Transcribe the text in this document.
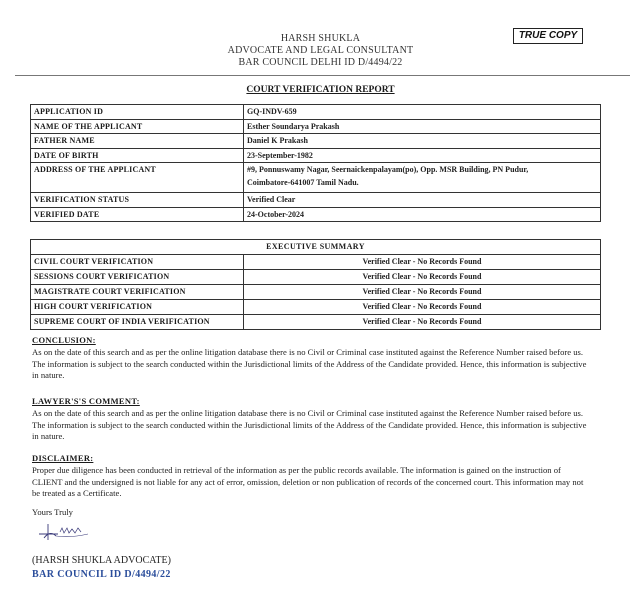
TRUE COPY
HARSH SHUKLA
ADVOCATE AND LEGAL CONSULTANT
BAR COUNCIL DELHI ID D/4494/22
COURT VERIFICATION REPORT
APPLICATION ID	GQ-INDV-659
NAME OF THE APPLICANT	Esther Soundarya Prakash
FATHER NAME	Daniel K Prakash
DATE OF BIRTH	23-September-1982
ADDRESS OF THE APPLICANT	#9, Ponnuswamy Nagar, Seernaickenpalayam(po), Opp. MSR Building, PN Pudur,
Coimbatore-641007 Tamil Nadu.

VERIFICATION STATUS	Verified Clear
VERIFIED DATE	24-October-2024
EXECUTIVE SUMMARY	
CIVIL COURT VERIFICATION	Verified Clear - No Records Found
SESSIONS COURT VERIFICATION	Verified Clear - No Records Found
MAGISTRATE COURT VERIFICATION	Verified Clear - No Records Found
HIGH COURT VERIFICATION	Verified Clear - No Records Found
SUPREME COURT OF INDIA VERIFICATION	Verified Clear - No Records Found
CONCLUSION:
As on the date of this search and as per the online litigation database there is no Civil or Criminal case instituted against the Reference Number raised before us. The information is subject to the search conducted within the Jurisdictional limits of the Address of the Candidate provided. Hence, this information is subjective in nature.
LAWYER'S'S COMMENT:
As on the date of this search and as per the online litigation database there is no Civil or Criminal case instituted against the Reference Number raised before us. The information is subject to the search conducted within the Jurisdictional limits of the Address of the Candidate provided. Hence, this information is subjective in nature.
DISCLAIMER:
Proper due diligence has been conducted in retrieval of the information as per the public records available. The information is gained on the instruction of CLIENT and the undersigned is not liable for any act of error, omission, deletion or non publication of records of the concerned court. This information may not be treated as a Certificate.
Yours Truly
(HARSH SHUKLA ADVOCATE)
BAR COUNCIL ID D/4494/22
